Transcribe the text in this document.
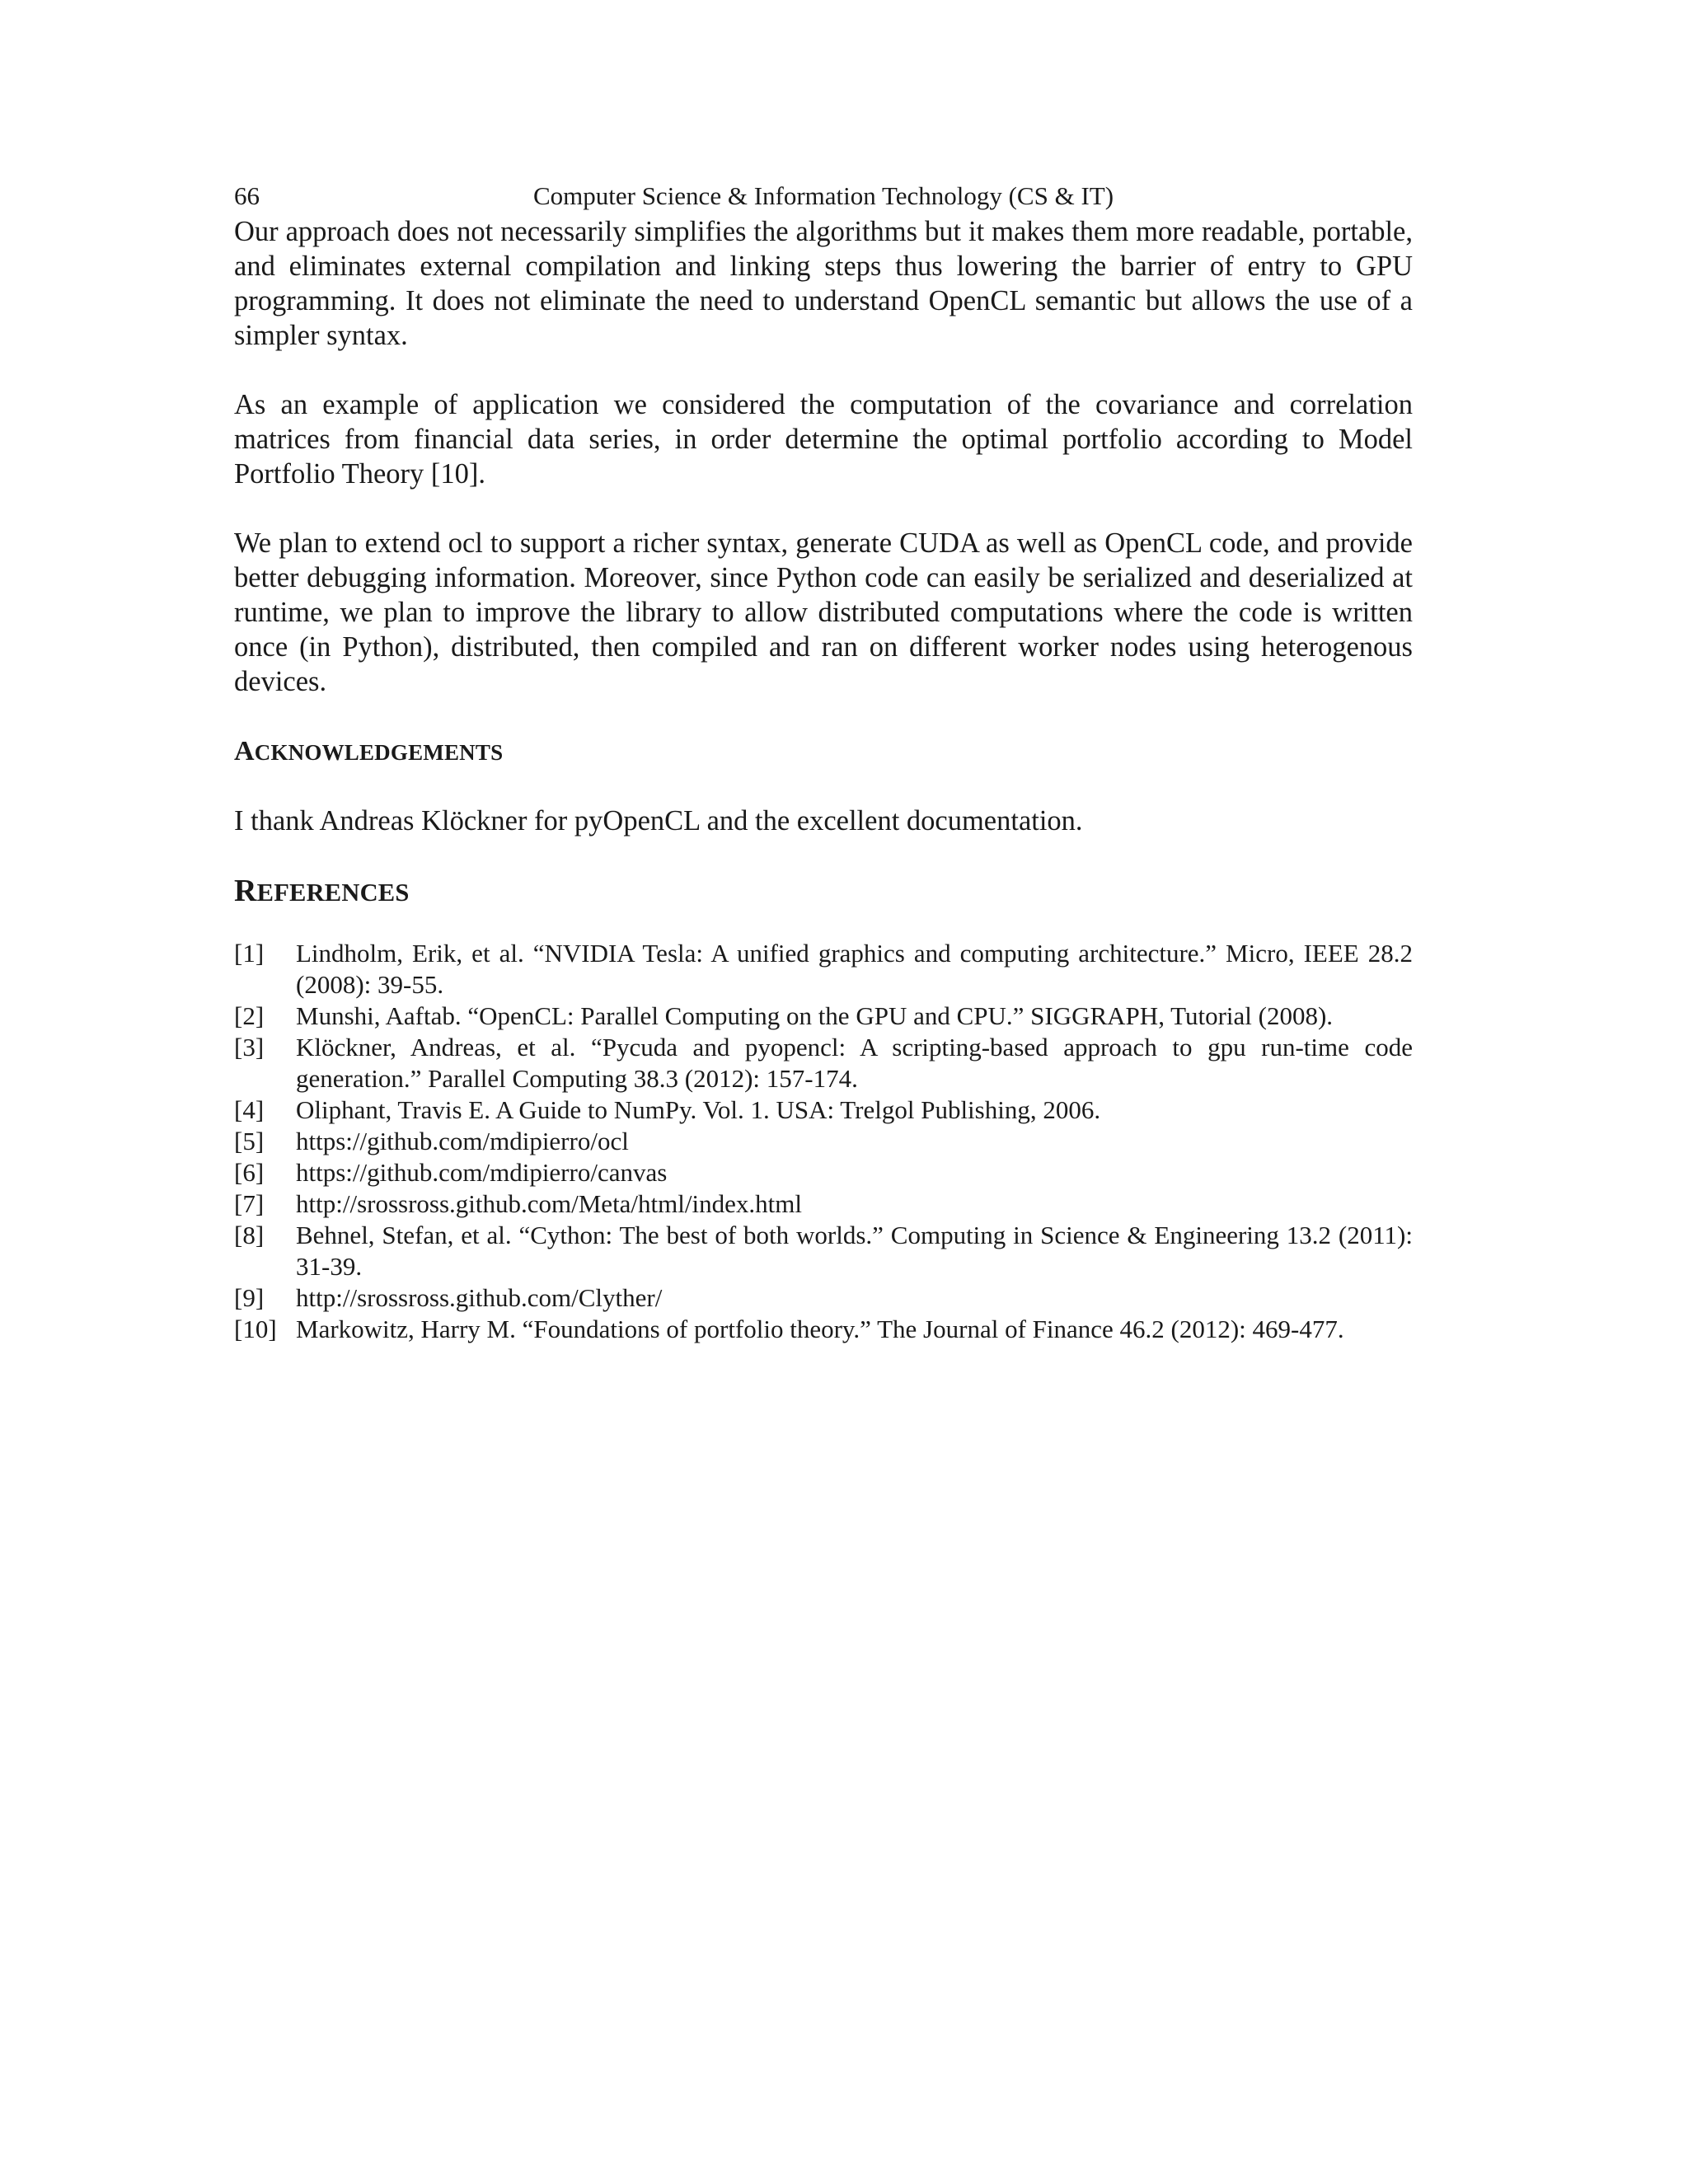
66	Computer Science & Information Technology (CS & IT)

Our approach does not necessarily simplifies the algorithms but it makes them more readable, portable, and eliminates external compilation and linking steps thus lowering the barrier of entry to GPU programming. It does not eliminate the need to understand OpenCL semantic but allows the use of a simpler syntax.

As an example of application we considered the computation of the covariance and correlation matrices from financial data series, in order determine the optimal portfolio according to Model Portfolio Theory [10].

We plan to extend ocl to support a richer syntax, generate CUDA as well as OpenCL code, and provide better debugging information. Moreover, since Python code can easily be serialized and deserialized at runtime, we plan to improve the library to allow distributed computations where the code is written once (in Python), distributed, then compiled and ran on different worker nodes using heterogenous devices.

ACKNOWLEDGEMENTS

I thank Andreas Klöckner for pyOpenCL and the excellent documentation.

REFERENCES
[1]	Lindholm, Erik, et al. “NVIDIA Tesla: A unified graphics and computing architecture.” Micro, IEEE 28.2 (2008): 39-55.
[2]	Munshi, Aaftab. “OpenCL: Parallel Computing on the GPU and CPU.” SIGGRAPH, Tutorial (2008).
[3]	Klöckner, Andreas, et al. “Pycuda and pyopencl: A scripting-based approach to gpu run-time code generation.” Parallel Computing 38.3 (2012): 157-174.
[4]	Oliphant, Travis E. A Guide to NumPy. Vol. 1. USA: Trelgol Publishing, 2006.
[5]	https://github.com/mdipierro/ocl
[6]	https://github.com/mdipierro/canvas
[7]	http://srossross.github.com/Meta/html/index.html
[8]	Behnel, Stefan, et al. “Cython: The best of both worlds.” Computing in Science & Engineering 13.2 (2011): 31-39.
[9]	http://srossross.github.com/Clyther/
[10] Markowitz, Harry M. “Foundations of portfolio theory.” The Journal of Finance 46.2 (2012): 469-477.
